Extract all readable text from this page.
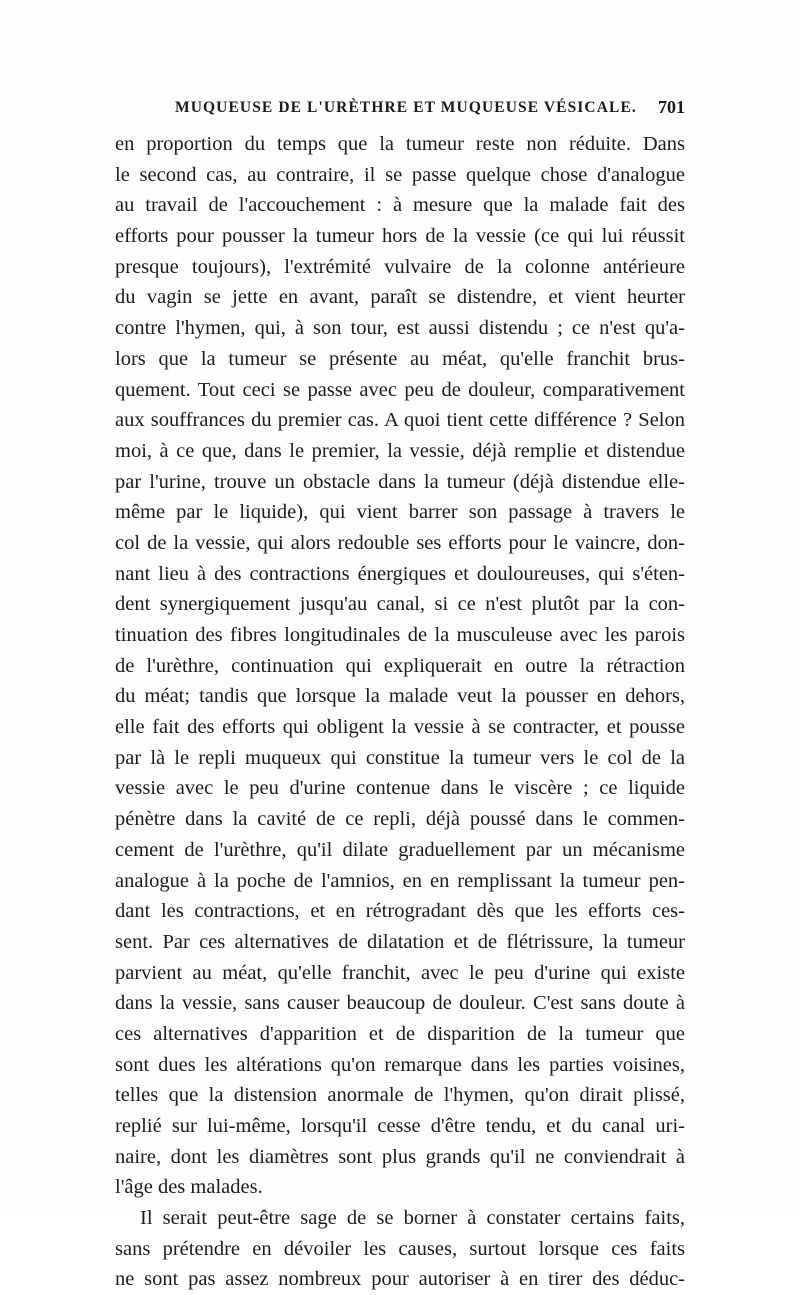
MUQUEUSE DE L'URÈTHRE ET MUQUEUSE VÉSICALE. 701
en proportion du temps que la tumeur reste non réduite. Dans
le second cas, au contraire, il se passe quelque chose d'analogue
au travail de l'accouchement : à mesure que la malade fait des
efforts pour pousser la tumeur hors de la vessie (ce qui lui réussit
presque toujours), l'extrémité vulvaire de la colonne antérieure
du vagin se jette en avant, paraît se distendre, et vient heurter
contre l'hymen, qui, à son tour, est aussi distendu ; ce n'est qu'a-
lors que la tumeur se présente au méat, qu'elle franchit brus-
quement. Tout ceci se passe avec peu de douleur, comparativement
aux souffrances du premier cas. A quoi tient cette différence ? Selon
moi, à ce que, dans le premier, la vessie, déjà remplie et distendue
par l'urine, trouve un obstacle dans la tumeur (déjà distendue elle-
même par le liquide), qui vient barrer son passage à travers le
col de la vessie, qui alors redouble ses efforts pour le vaincre, don-
nant lieu à des contractions énergiques et douloureuses, qui s'éten-
dent synergiquement jusqu'au canal, si ce n'est plutôt par la con-
tinuation des fibres longitudinales de la musculeuse avec les parois
de l'urèthre, continuation qui expliquerait en outre la rétraction
du méat; tandis que lorsque la malade veut la pousser en dehors,
elle fait des efforts qui obligent la vessie à se contracter, et pousse
par là le repli muqueux qui constitue la tumeur vers le col de la
vessie avec le peu d'urine contenue dans le viscère ; ce liquide
pénètre dans la cavité de ce repli, déjà poussé dans le commen-
cement de l'urèthre, qu'il dilate graduellement par un mécanisme
analogue à la poche de l'amnios, en en remplissant la tumeur pen-
dant les contractions, et en rétrogradant dès que les efforts ces-
sent. Par ces alternatives de dilatation et de flétrissure, la tumeur
parvient au méat, qu'elle franchit, avec le peu d'urine qui existe
dans la vessie, sans causer beaucoup de douleur. C'est sans doute à
ces alternatives d'apparition et de disparition de la tumeur que
sont dues les altérations qu'on remarque dans les parties voisines,
telles que la distension anormale de l'hymen, qu'on dirait plissé,
replié sur lui-même, lorsqu'il cesse d'être tendu, et du canal uri-
naire, dont les diamètres sont plus grands qu'il ne conviendrait à
l'âge des malades.
Il serait peut-être sage de se borner à constater certains faits,
sans prétendre en dévoiler les causes, surtout lorsque ces faits
ne sont pas assez nombreux pour autoriser à en tirer des déduc-
